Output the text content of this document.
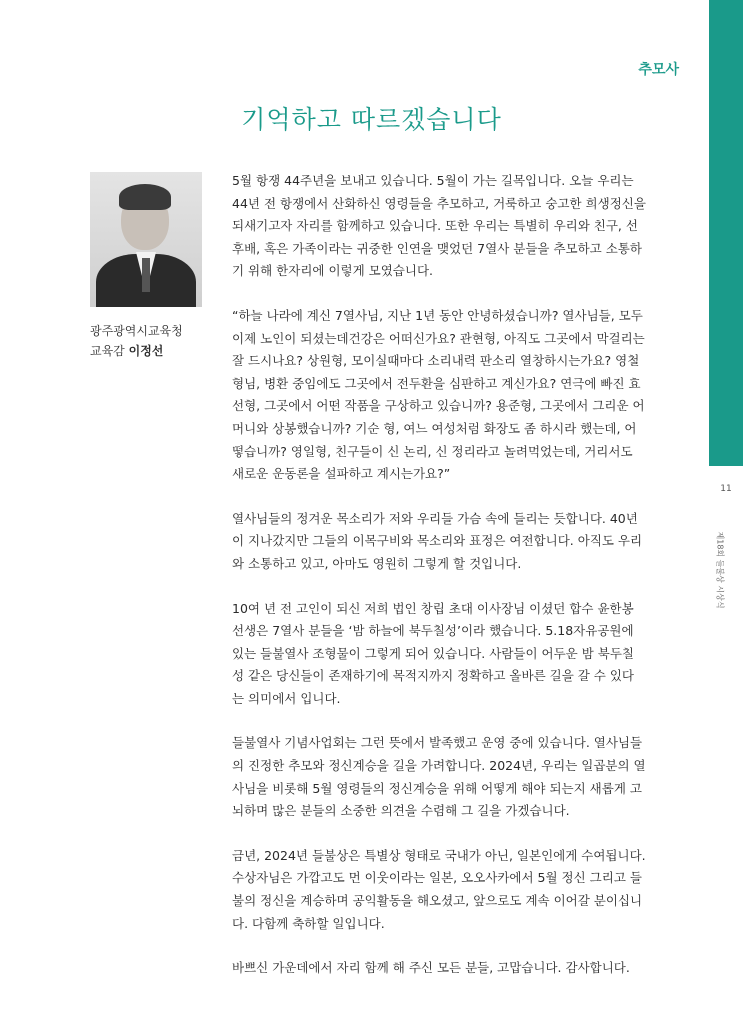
11
제18회 들불상 시상식
추모사
기억하고 따르겠습니다
광주광역시교육청
교육감 이정선

5월 항쟁 44주년을 보내고 있습니다. 5월이 가는 길목입니다. 오늘 우리는 44년 전 항쟁에서 산화하신 영령들을 추모하고, 거룩하고 숭고한 희생정신을 되새기고자 자리를 함께하고 있습니다. 또한 우리는 특별히 우리와 친구, 선후배, 혹은 가족이라는 귀중한 인연을 맺었던 7열사 분들을 추모하고 소통하기 위해 한자리에 이렇게 모였습니다.

“하늘 나라에 계신 7열사님, 지난 1년 동안 안녕하셨습니까? 열사님들, 모두 이제 노인이 되셨는데건강은 어떠신가요? 관현형, 아직도 그곳에서 막걸리는 잘 드시나요? 상원형, 모이실때마다 소리내력 판소리 열창하시는가요? 영철형님, 병환 중임에도 그곳에서 전두환을 심판하고 계신가요? 연극에 빠진 효선형, 그곳에서 어떤 작품을 구상하고 있습니까? 용준형, 그곳에서 그리운 어머니와 상봉했습니까? 기순 형, 여느 여성처럼 화장도 좀 하시라 했는데, 어떻습니까? 영일형, 친구들이 신 논리, 신 정리라고 놀려먹었는데, 거리서도 새로운 운동론을 설파하고 계시는가요?”

열사님들의 정겨운 목소리가 저와 우리들 가슴 속에 들리는 듯합니다. 40년이 지나갔지만 그들의 이목구비와 목소리와 표정은 여전합니다. 아직도 우리와 소통하고 있고, 아마도 영원히 그렇게 할 것입니다.

10여 년 전 고인이 되신 저희 법인 창립 초대 이사장님 이셨던 합수 윤한봉 선생은 7열사 분들을 ‘밤 하늘에 북두칠성’이라 했습니다. 5.18자유공원에 있는 들불열사 조형물이 그렇게 되어 있습니다. 사람들이 어두운 밤 북두칠성 같은 당신들이 존재하기에 목적지까지 정확하고 올바른 길을 갈 수 있다는 의미에서 입니다.

들불열사 기념사업회는 그런 뜻에서 발족했고 운영 중에 있습니다. 열사님들의 진정한 추모와 정신계승을 길을 가려합니다. 2024년, 우리는 일곱분의 열사님을 비롯해 5월 영령들의 정신계승을 위해 어떻게 해야 되는지 새롭게 고뇌하며 많은 분들의 소중한 의견을 수렴해 그 길을 가겠습니다.

금년, 2024년 들불상은 특별상 형태로 국내가 아닌, 일본인에게 수여됩니다. 수상자님은 가깝고도 먼 이웃이라는 일본, 오오사카에서 5월 정신 그리고 들불의 정신을 계승하며 공익활동을 해오셨고, 앞으로도 계속 이어갈 분이십니다. 다함께 축하할 일입니다.

바쁘신 가운데에서 자리 함께 해 주신 모든 분들, 고맙습니다. 감사합니다.
